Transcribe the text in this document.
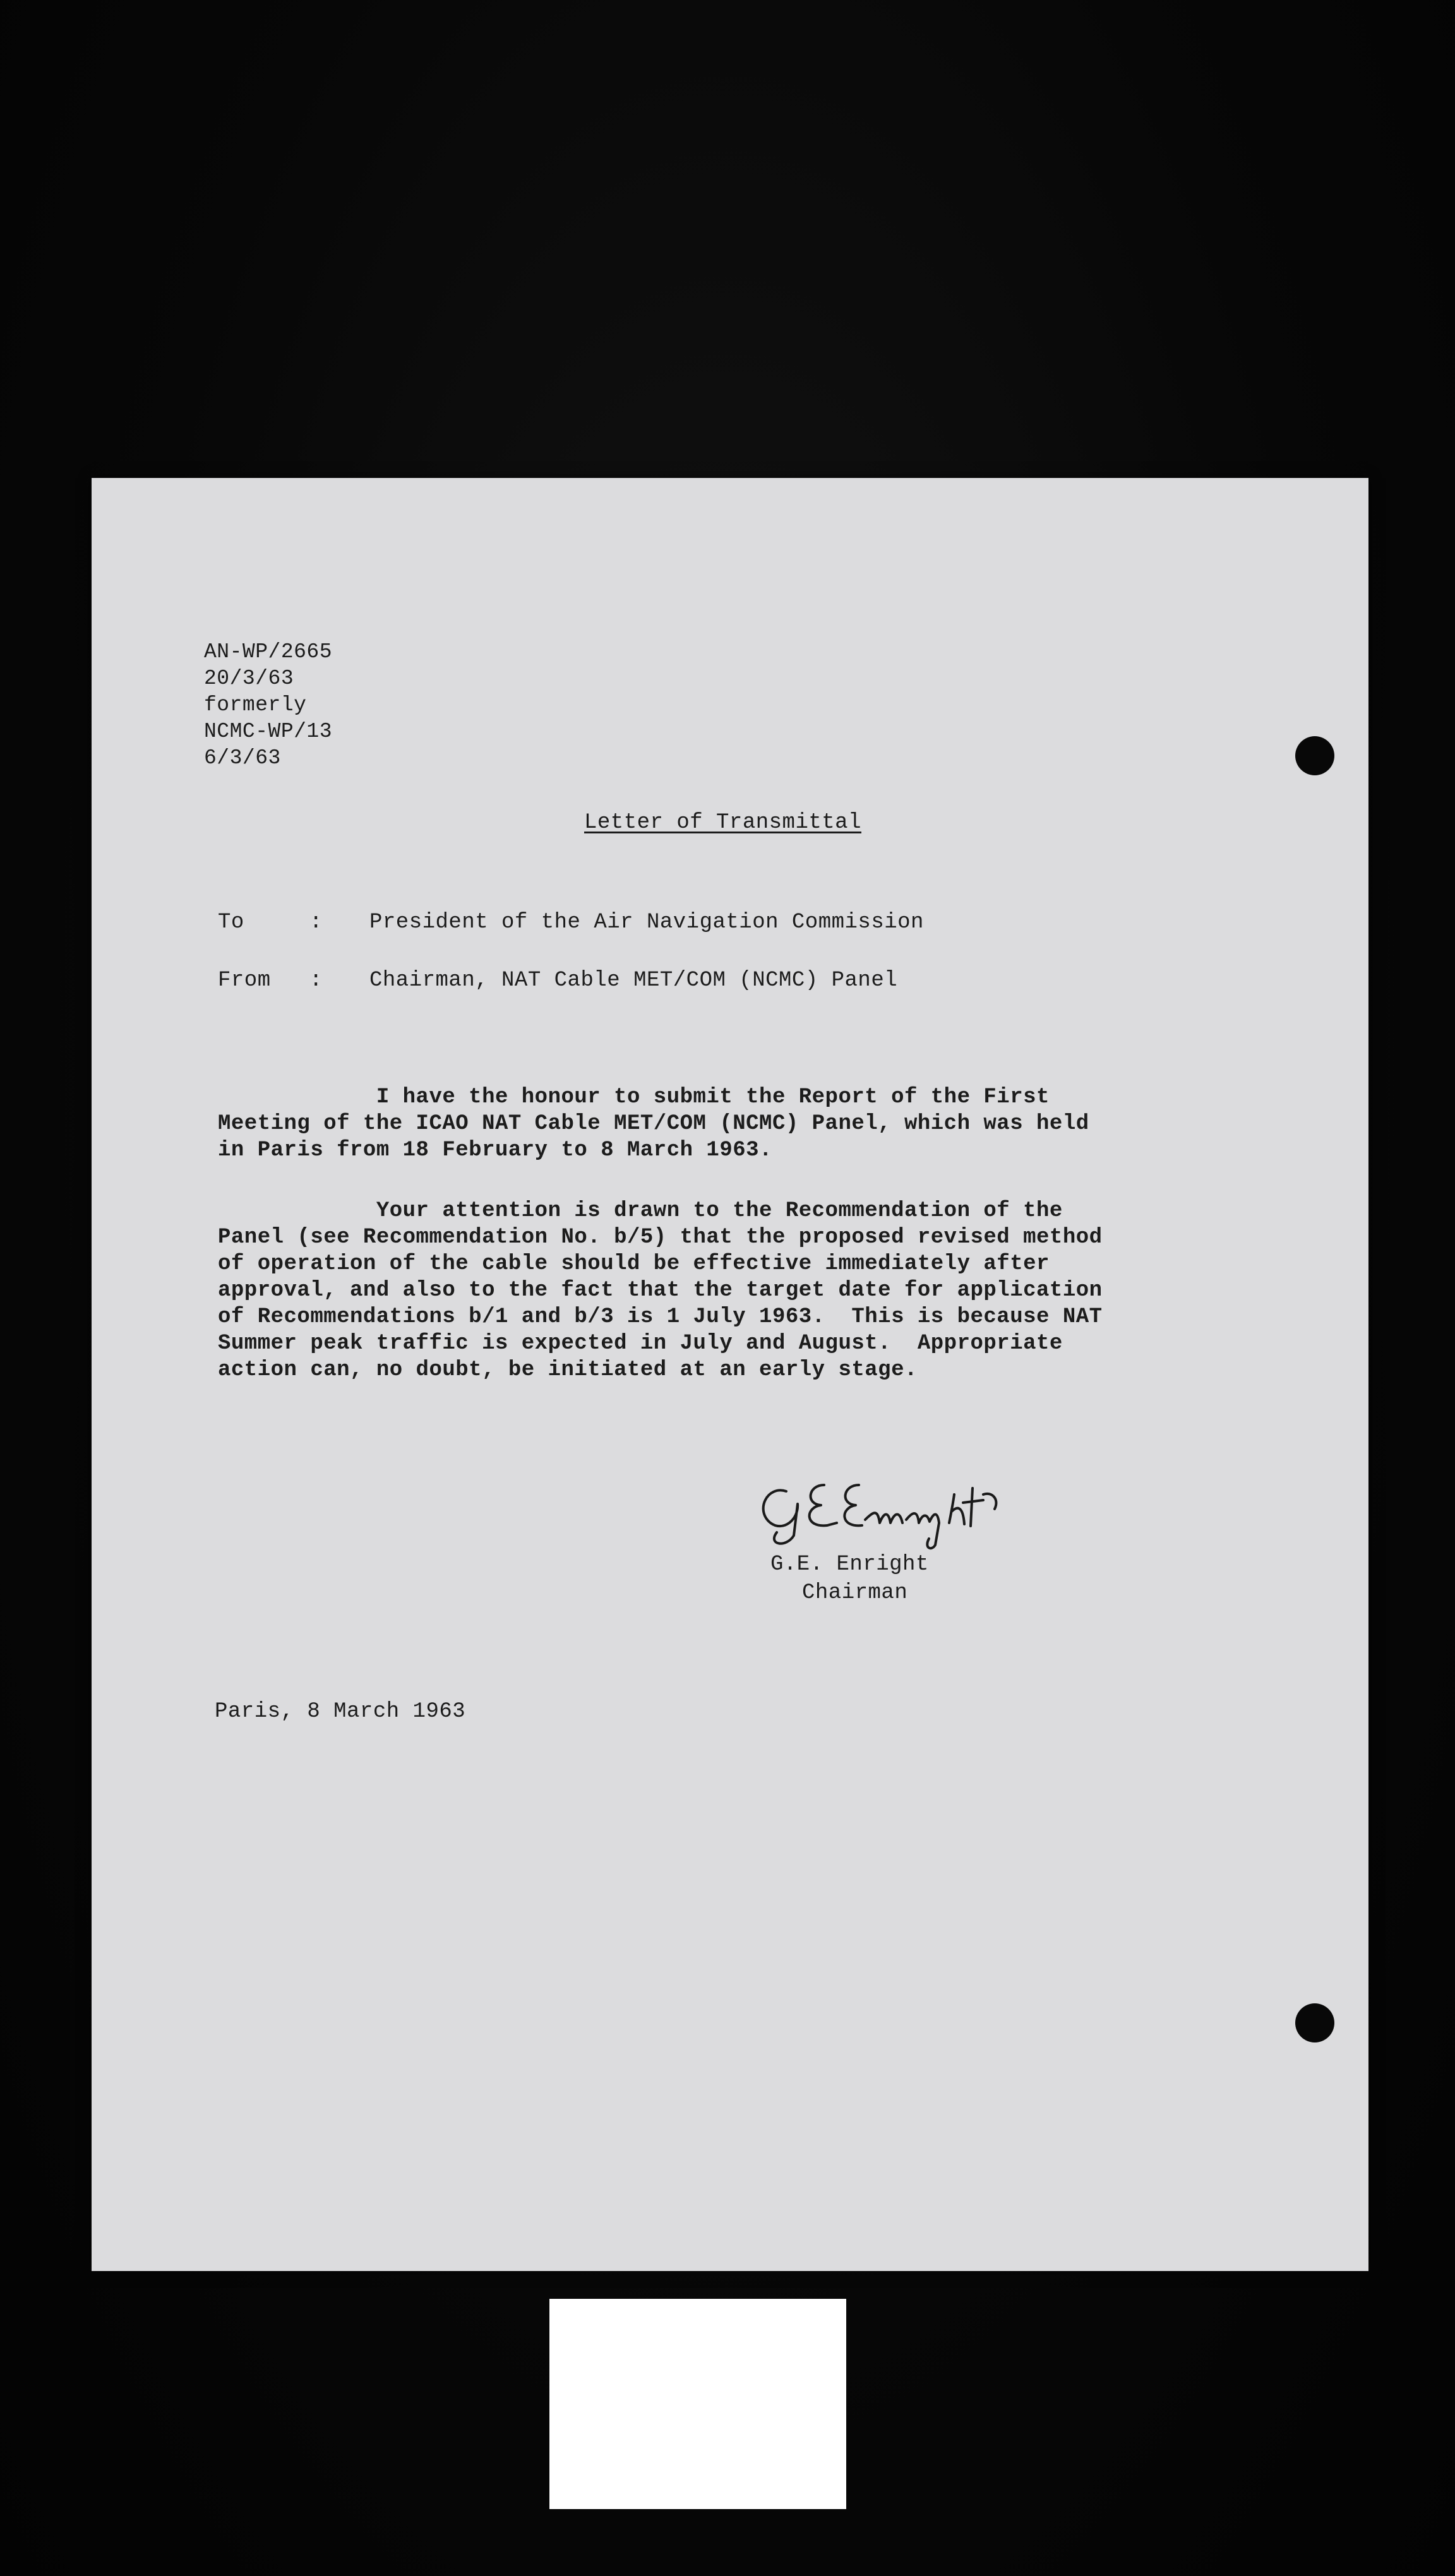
AN-WP/2665
20/3/63
formerly
NCMC-WP/13
6/3/63
Letter of Transmittal
To	: President of the Air Navigation Commission
From : Chairman, NAT Cable MET/COM (NCMC) Panel
I have the honour to submit the Report of the First
Meeting of the ICAO NAT Cable MET/COM (NCMC) Panel, which was held
in Paris from 18 February to 8 March 1963.
Your attention is drawn to the Recommendation of the
Panel (see Recommendation No. b/5) that the proposed revised method
of operation of the cable should be effective immediately after
approval, and also to the fact that the target date for application
of Recommendations b/1 and b/3 is 1 July 1963.  This is because NAT
Summer peak traffic is expected in July and August.  Appropriate
action can, no doubt, be initiated at an early stage.
G.E. Enright
Chairman
Paris, 8 March 1963
